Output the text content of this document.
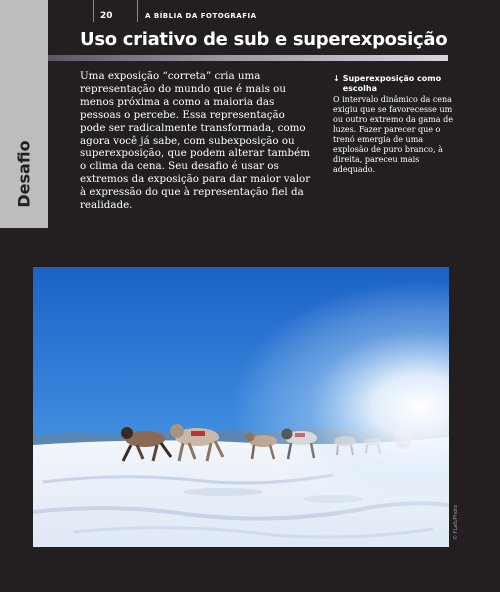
Desafio
20	A BÍBLIA DA FOTOGRAFIA
Uso criativo de sub e superexposição

Uma exposição “correta” cria uma representação do mundo que é mais ou menos próxima a como a maioria das pessoas o percebe. Essa representação pode ser radicalmente transformada, como agora você já sabe, com subexposição ou superexposição, que podem alterar também o clima da cena. Seu desafio é usar os extremos da exposição para dar maior valor à expressão do que à representação fiel da realidade.

↓ Superexposição como escolha

O intervalo dinâmico da cena exigiu que se favorecesse um ou outro extremo da gama de luzes. Fazer parecer que o trenó emergia de uma explosão de puro branco, à direita, pareceu mais adequado.

© FLatt/Photo
